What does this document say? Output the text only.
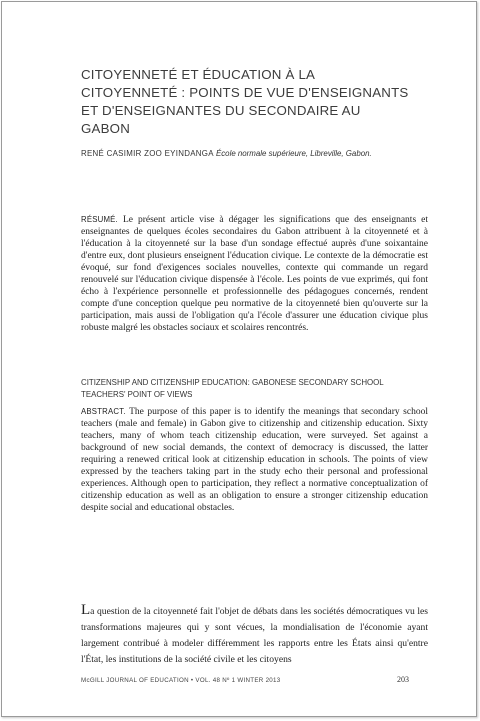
CITOYENNETÉ ET ÉDUCATION À LA
CITOYENNETÉ : POINTS DE VUE D'ENSEIGNANTS
ET D'ENSEIGNANTES DU SECONDAIRE AU
GABON
RENÉ CASIMIR ZOO EYINDANGA École normale supérieure, Libreville, Gabon.

RÉSUMÉ. Le présent article vise à dégager les significations que des enseignants et enseignantes de quelques écoles secondaires du Gabon attribuent à la citoyenneté et à l'éducation à la citoyenneté sur la base d'un sondage effectué auprès d'une soixantaine d'entre eux, dont plusieurs enseignent l'éducation civique. Le contexte de la démocratie est évoqué, sur fond d'exigences sociales nouvelles, contexte qui commande un regard renouvelé sur l'éducation civique dispensée à l'école. Les points de vue exprimés, qui font écho à l'expérience personnelle et professionnelle des pédagogues concernés, rendent compte d'une conception quelque peu normative de la citoyenneté bien qu'ouverte sur la participation, mais aussi de l'obligation qu'a l'école d'assurer une éducation civique plus robuste malgré les obstacles sociaux et scolaires rencontrés.

CITIZENSHIP AND CITIZENSHIP EDUCATION: GABONESE SECONDARY SCHOOL
TEACHERS' POINT OF VIEWS

ABSTRACT. The purpose of this paper is to identify the meanings that secondary school teachers (male and female) in Gabon give to citizenship and citizenship education. Sixty teachers, many of whom teach citizenship education, were surveyed. Set against a background of new social demands, the context of democracy is discussed, the latter requiring a renewed critical look at citizenship education in schools. The points of view expressed by the teachers taking part in the study echo their personal and professional experiences. Although open to participation, they reflect a normative conceptualization of citizenship education as well as an obligation to ensure a stronger citizenship education despite social and educational obstacles.

La question de la citoyenneté fait l'objet de débats dans les sociétés démocratiques vu les transformations majeures qui y sont vécues, la mondialisation de l'économie ayant largement contribué à modeler différemment les rapports entre les États ainsi qu'entre l'État, les institutions de la société civile et les citoyens

McGILL JOURNAL OF EDUCATION • VOL. 48 Nº 1 WINTER 2013	203
